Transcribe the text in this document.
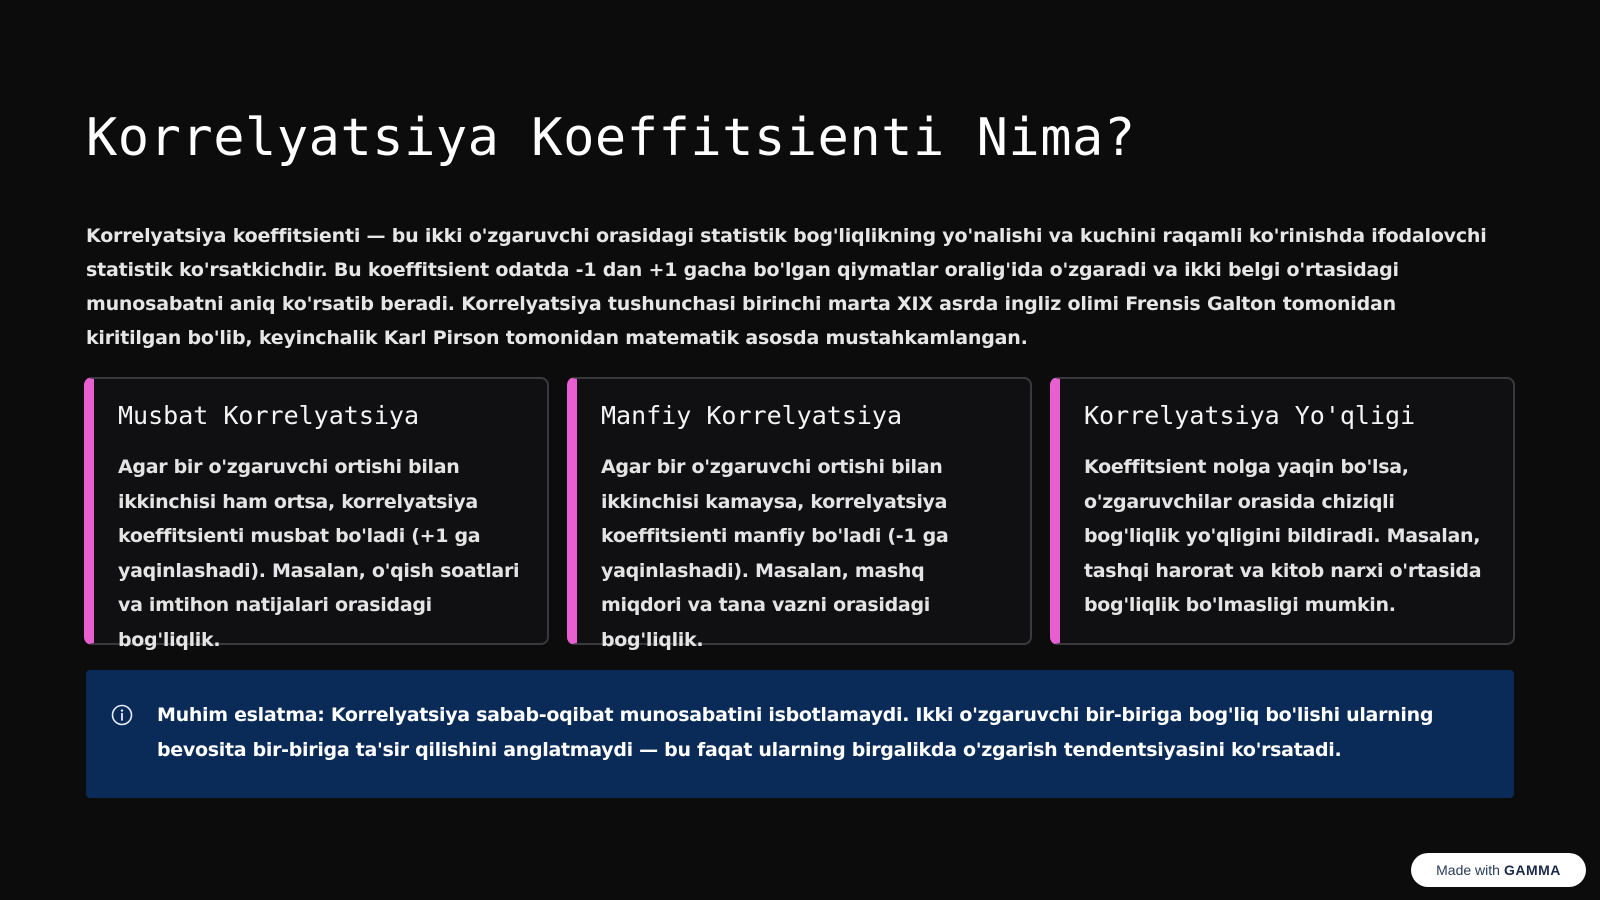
Korrelyatsiya Koeffitsienti Nima?

Korrelyatsiya koeffitsienti — bu ikki o'zgaruvchi orasidagi statistik bog'liqlikning yo'nalishi va kuchini raqamli ko'rinishda ifodalovchi statistik ko'rsatkichdir. Bu koeffitsient odatda -1 dan +1 gacha bo'lgan qiymatlar oralig'ida o'zgaradi va ikki belgi o'rtasidagi munosabatni aniq ko'rsatib beradi. Korrelyatsiya tushunchasi birinchi marta XIX asrda ingliz olimi Frensis Galton tomonidan kiritilgan bo'lib, keyinchalik Karl Pirson tomonidan matematik asosda mustahkamlangan.

Musbat Korrelyatsiya
Agar bir o'zgaruvchi ortishi bilan ikkinchisi ham ortsa, korrelyatsiya koeffitsienti musbat bo'ladi (+1 ga yaqinlashadi). Masalan, o'qish soatlari va imtihon natijalari orasidagi bog'liqlik.
Manfiy Korrelyatsiya
Agar bir o'zgaruvchi ortishi bilan ikkinchisi kamaysa, korrelyatsiya koeffitsienti manfiy bo'ladi (-1 ga yaqinlashadi). Masalan, mashq miqdori va tana vazni orasidagi bog'liqlik.
Korrelyatsiya Yo'qligi
Koeffitsient nolga yaqin bo'lsa, o'zgaruvchilar orasida chiziqli bog'liqlik yo'qligini bildiradi. Masalan, tashqi harorat va kitob narxi o'rtasida bog'liqlik bo'lmasligi mumkin.
Muhim eslatma: Korrelyatsiya sabab-oqibat munosabatini isbotlamaydi. Ikki o'zgaruvchi bir-biriga bog'liq bo'lishi ularning bevosita bir-biriga ta'sir qilishini anglatmaydi — bu faqat ularning birgalikda o'zgarish tendentsiyasini ko'rsatadi.
Made with GAMMA
